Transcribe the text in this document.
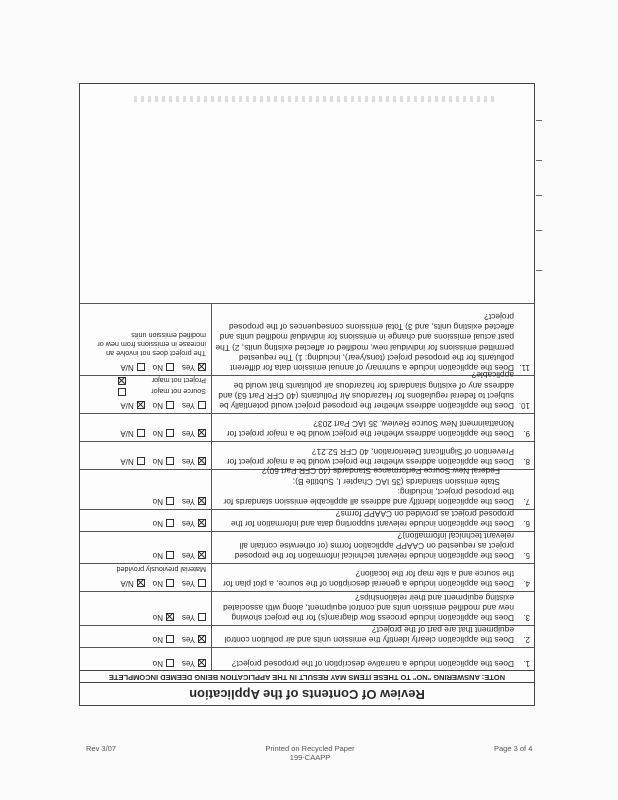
Review Of Contents of the Application
NOTE: ANSWERING "NO" TO THESE ITEMS MAY RESULT IN THE APPLICATION BEING DEEMED INCOMPLETE
1.
Does the application include a narrative description of the proposed project?
Yes
No
2.
Does the application clearly identify the emission units and air pollution control equipment that are part of the project?
Yes
No
3.
Does the application include process flow diagram(s) for the project showing new and modified emission units and control equipment, along with associated existing equipment and their relationships?
Yes
No
4.
Does the application include a general description of the source, a plot plan for the source and a site map for the location?
Yes
No
N/A
Material previously provided
5.
Does the application include relevant technical information for the proposed project as requested on CAAPP application forms (or otherwise contain all relevant technical information)?
Yes
No
6.
Does the application include relevant supporting data and information for the proposed project as provided on CAAPP forms?
Yes
No
7.
Does the application identify and address all applicable emission standards for the proposed project, including:
State emission standards (35 IAC Chapter I, Subtitle B);
Federal New Source Performance Standards (40 CFR Part 60)?
Yes
No
8.
Does the application address whether the project would be a major project for Prevention of Significant Deterioration, 40 CFR 52.21?
Yes
No
N/A
9.
Does the application address whether the project would be a major project for Nonattainment New Source Review, 35 IAC Part 203?
Yes
No
N/A
10.
Does the application address whether the proposed project would potentially be subject to federal regulations for Hazardous Air Pollutants (40 CFR Part 63) and address any of existing standards for hazardous air pollutants that would be applicable?
Yes
No
N/A
Source not major
Project not major
11.
Does the application include a summary of annual emission data for different pollutants for the proposed project (tons/year), including: 1) The requested permitted emissions for individual new, modified or affected existing units, 2) The past actual emissions and change in emissions for individual modified units and affected existing units, and 3) Total emissions consequences of the proposed project?
Yes
No
N/A
The project does not involve an increase in emissions from new or modified emission units
Rev 3/07	Printed on Recycled Paper
199-CAAPP
Page 3 of 4
